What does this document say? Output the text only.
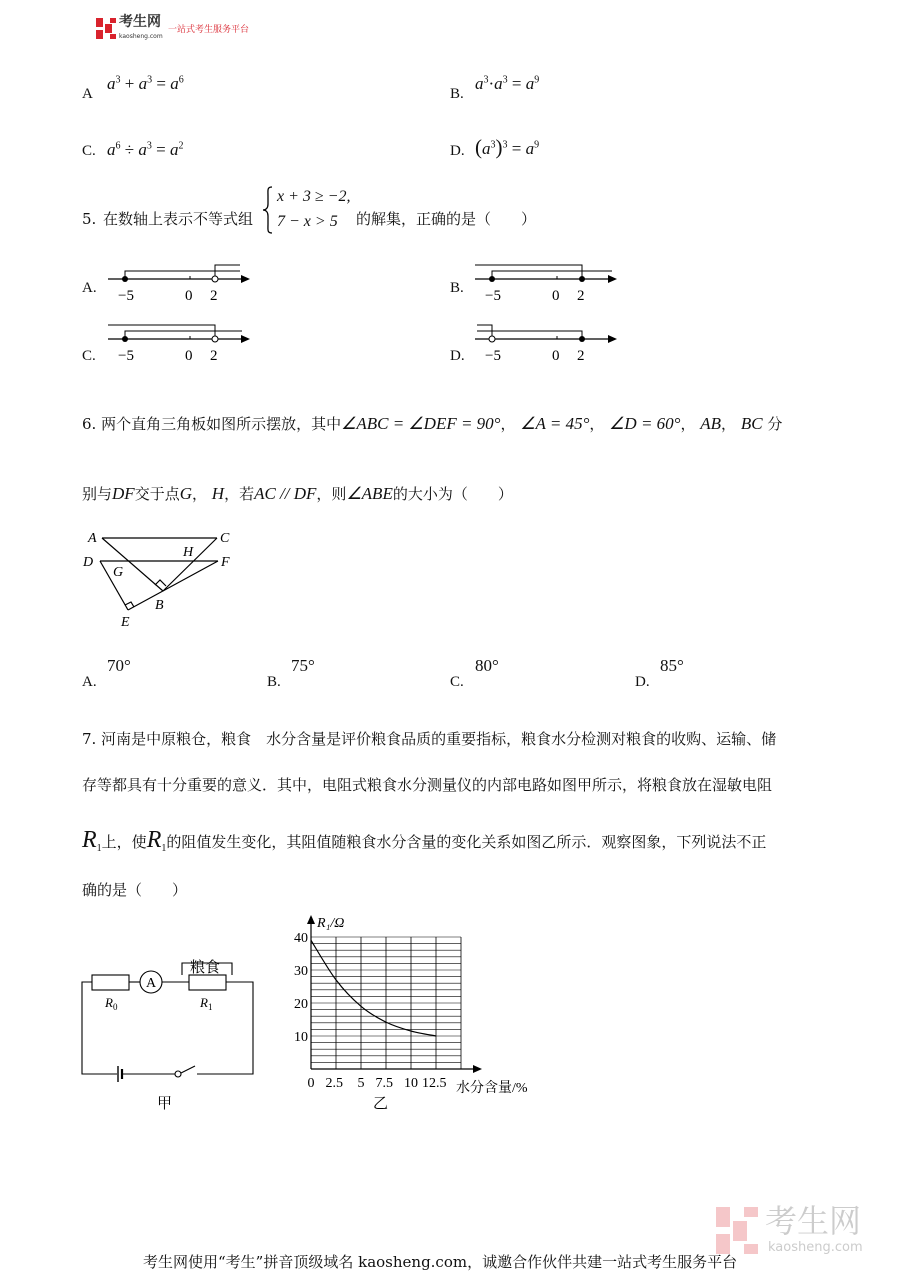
考生网
kaosheng.com
一站式考生服务平台
A
$a^3 + a^3 = a^6$
B.
$a^3\cdot a^3 = a^9$
C. $a^6 \div a^3 = a^2$	D. $(a^3)^3 = a^9$
5. 在数轴上表示不等式组
x + 3 ≥ −2,
7 − x > 5 的解集，正确的是（　　）
A.	B.
C.	D.
−5	0 2	−5	0 2
−5	0 2	−5	0 2
6. 两个直角三角板如图所示摆放，其中∠ABC = ∠DEF = 90°， ∠A = 45°， ∠D = 60°， AB， BC 分
别与DF交于点G， H，若AC // DF，则∠ABE的大小为（　　）
A	C
D	F
G
H
B
E
A.
70°
B.
75°
C.
80°
D.
85°
7. 河南是中原粮仓，粮食　水分含量是评价粮食品质的重要指标，粮食水分检测对粮食的收购、运输、储
存等都具有十分重要的意义．其中，电阻式粮食水分测量仪的内部电路如图甲所示，将粮食放在湿敏电阻
$R_1$上，使$R_1$的阻值发生变化，其阻值随粮食水分含量的变化关系如图乙所示．观察图象，下列说法不正
确的是（　　）
粮食
A
$R_0$	$R_1$
甲
0 2.5 5 7.5 10 12.5
10
20
30
40
R₁/Ω
水分含量/%
乙
考生网
kaosheng.com
考生网使用“考生”拼音顶级域名 kaosheng.com，诚邀合作伙伴共建一站式考生服务平台
